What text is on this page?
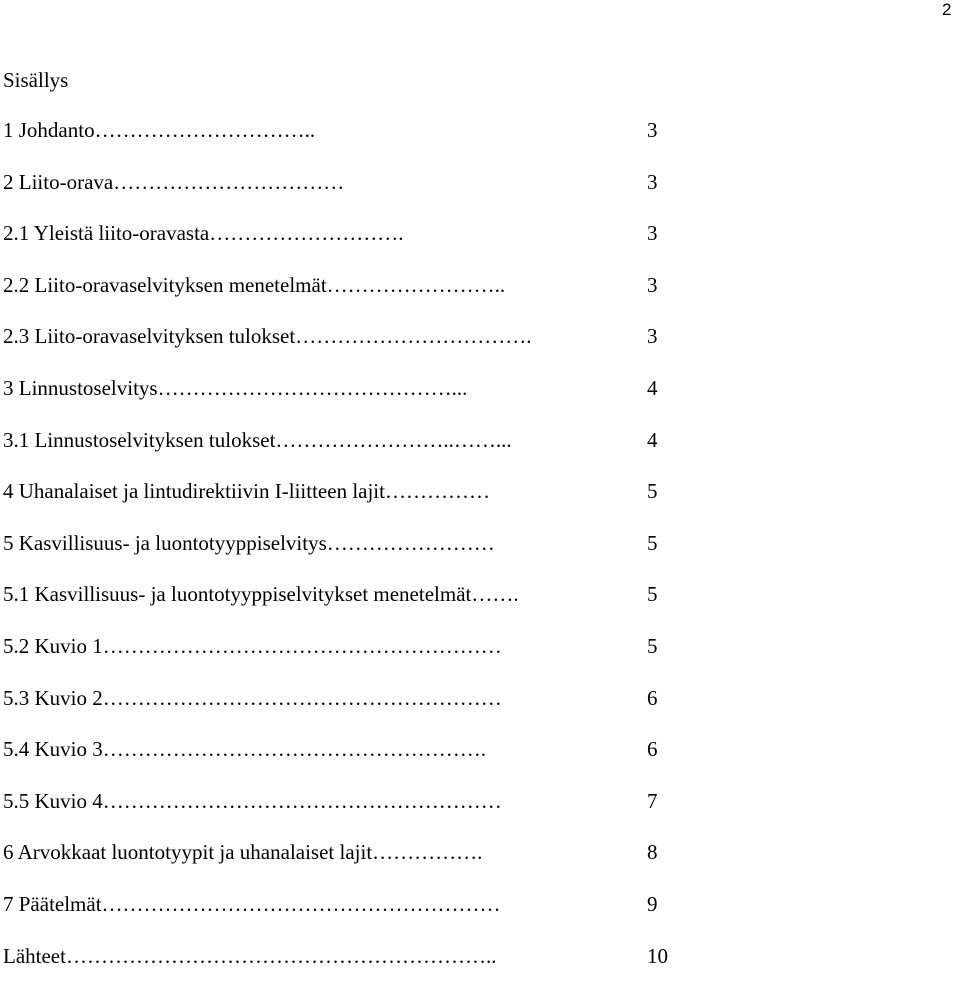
2
Sisällys
1 Johdanto…………………………..	3
2 Liito-orava……………………………	3
2.1 Yleistä liito-oravasta……………………….	3
2.2 Liito-oravaselvityksen menetelmät……………………..	3
2.3 Liito-oravaselvityksen tulokset…………………………….	3
3 Linnustoselvitys……………………………………...	4
3.1 Linnustoselvityksen tulokset……………………..……...	4
4 Uhanalaiset ja lintudirektiivin I-liitteen lajit……………	5
5 Kasvillisuus- ja luontotyyppiselvitys……………………	5
5.1 Kasvillisuus- ja luontotyyppiselvitykset menetelmät…….	5
5.2 Kuvio 1…………………………………………………	5
5.3 Kuvio 2…………………………………………………	6
5.4 Kuvio 3……………………………………………….	6
5.5 Kuvio 4…………………………………………………	7
6 Arvokkaat luontotyypit ja uhanalaiset lajit…………….	8
7 Päätelmät…………………………………………………	9
Lähteet……………………………………………………..	10
